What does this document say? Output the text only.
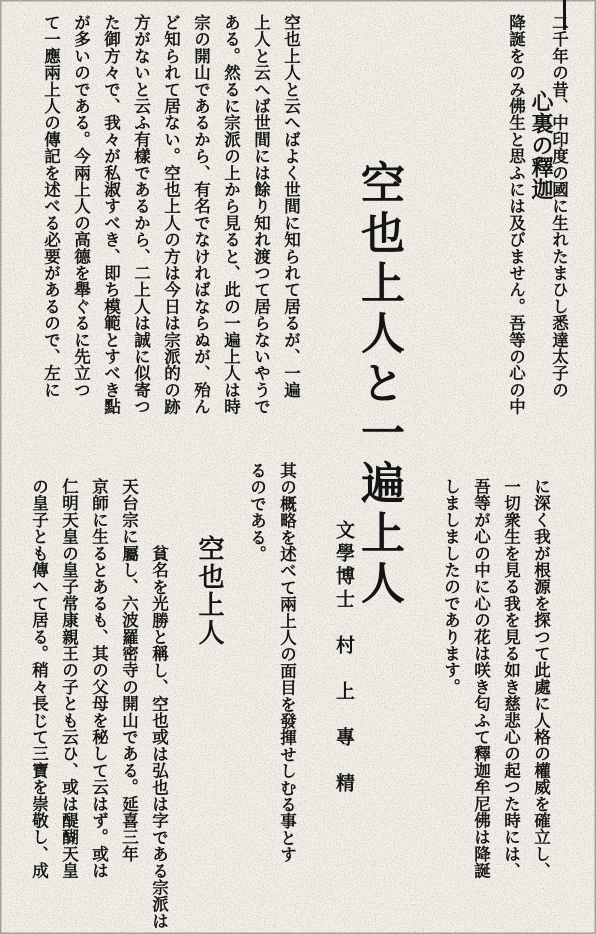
二千年の昔、中印度の國に生れたまひし悉達太子の
降誕をのみ佛生と思ふには及びません。吾等の心の中 心裏の釋迦
空也上人と一遍上人
空也上人と云へばよく世間に知られて居るが、一遍
上人と云へば世間には餘り知れ渡つて居らないやうで
ある。然るに宗派の上から見ると、此の一遍上人は時
宗の開山であるから、有名でなければならぬが、殆ん
ど知られて居ない。空也上人の方は今日は宗派的の跡
方がないと云ふ有樣であるから、二上人は誠に似寄つ
た御方々で、我々が私淑すべき、即ち模範とすべき點
が多いのである。今兩上人の高德を舉ぐるに先立つ
て一應兩上人の傳記を述べる必要があるので、左に
に深く我が根源を探つて此處に人格の權威を確立し、
一切衆生を見る我を見る如き慈悲心の起つた時には、
吾等が心の中に心の花は咲き匂ふて釋迦牟尼佛は降誕
しましましたのであります。
文學博士　村　上　專　精
其の概略を述べて兩上人の面目を發揮せしむる事とす
るのである。
空也上人
貧名を光勝と稱し、空也或は弘也は字である宗派は
天台宗に屬し、六波羅密寺の開山である。延喜三年
京師に生るとあるも、其の父母を秘して云はず。或は
仁明天皇の皇子常康親王の子とも云ひ、或は醍醐天皇
の皇子とも傳へて居る。稍々長じて三寶を崇敬し、成
